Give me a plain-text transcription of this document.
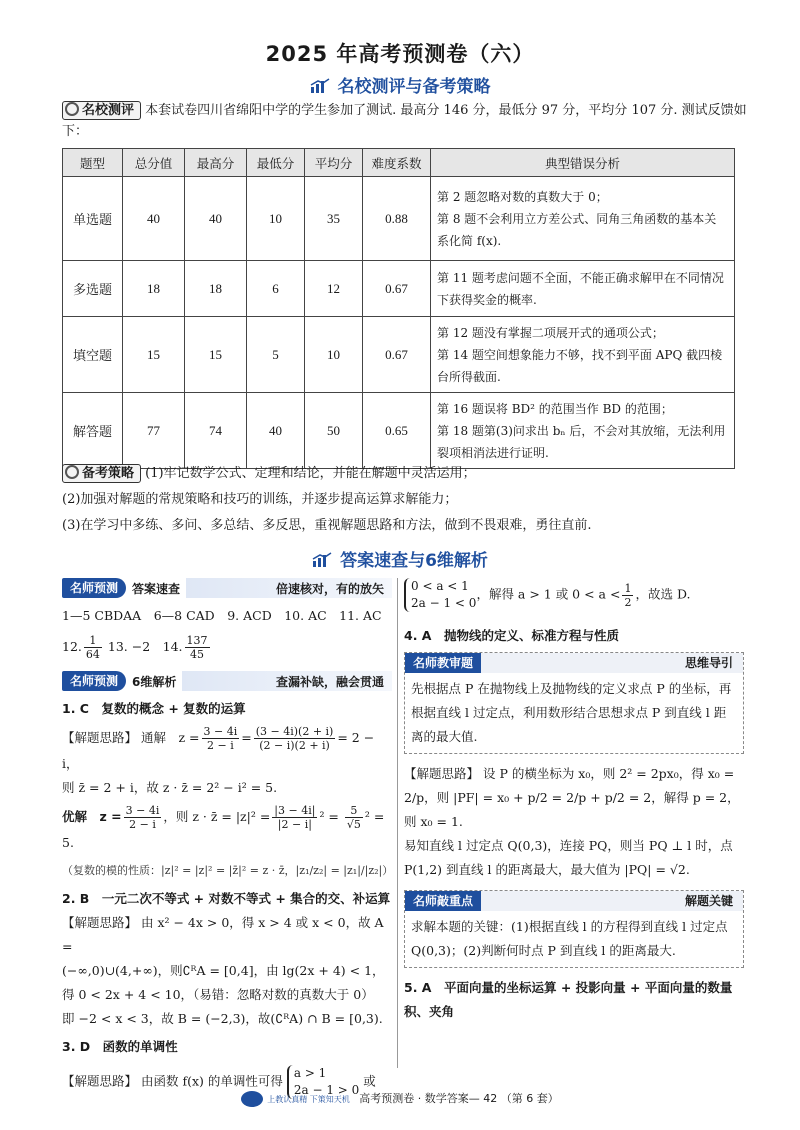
2025 年高考预测卷（六）
名校测评与备考策略
名校测评 本套试卷四川省绵阳中学的学生参加了测试. 最高分 146 分，最低分 97 分，平均分 107 分. 测试反馈如下：
题型	总分值	最高分	最低分	平均分	难度系数	典型错误分析
单选题	40	40	10	35	0.88	第 2 题忽略对数的真数大于 0；
第 8 题不会利用立方差公式、同角三角函数的基本关系化简 f(x).

多选题	18	18	6	12	0.67	第 11 题考虑问题不全面，不能正确求解甲在不同情况下获得奖金的概率.

填空题	15	15	5	10	0.67	第 12 题没有掌握二项展开式的通项公式；
第 14 题空间想象能力不够，找不到平面 APQ 截四棱台所得截面.

解答题	77	74	40	50	0.65	第 16 题误将 BD² 的范围当作 BD 的范围；
第 18 题第(3)问求出 bₙ 后，不会对其放缩，无法利用裂项相消法进行证明.
备考策略 (1)牢记数学公式、定理和结论，并能在解题中灵活运用；
(2)加强对解题的常规策略和技巧的训练，并逐步提高运算求解能力；
(3)在学习中多练、多问、多总结、多反思，重视解题思路和方法，做到不畏艰难，勇往直前.
答案速查与6维解析
名师预测	答案速查	倍速核对，有的放矢
1—5 CBDAA　6—8 CAD　9. ACD　10. AC　11. AC
12. $\frac{1}{64} 13$. −2　14. $\frac{137}{45}$
名师预测	6维解析	查漏补缺，融会贯通
1. C　复数的概念 + 复数的运算
【解题思路】 通解　$z = \frac{3 - 4i}{2 - i} = \frac{(3 - 4i)(2 + i)}{(2 - i)(2 + i)} = 2 - i$，
则 z̄ = 2 + i，故 z · z̄ = 2² − i² = 5.
优解　$z = \frac{3 - 4i}{2 - i}$ ，则 z · z̄ = $|z|^2 = \frac{|3 - 4i|}{|2 - i|} ^2 = \frac{5}{√5} ^2 = 5$.
（复数的模的性质：|z|² = |z|² = |z̄|² = z · z̄，|z₁/z₂| = |z₁|/|z₂|）
2. B　一元二次不等式 + 对数不等式 + 集合的交、补运算
【解题思路】 由 x² − 4x > 0，得 x > 4 或 x < 0，故 A =
(−∞,0)∪(4,+∞)，则∁ᴿA = [0,4]，由 lg(2x + 4) < 1，
得 0 < 2x + 4 < 10，（易错：忽略对数的真数大于 0）
即 −2 < x < 3，故 B = (−2,3)，故(∁ᴿA) ∩ B = [0,3).
3. D　函数的单调性
【解题思路】 由函数 f(x) 的单调性可得
a > 1
2a − 1 > 0
或
0 < a < 1
2a − 1 < 0
，解得 a > 1 或 $0 < a < \frac{1}{2}$ ，故选 D.
4. A　抛物线的定义、标准方程与性质
名师教审题	思维导引
先根据点 P 在抛物线上及抛物线的定义求点 P 的坐标，再根据直线 l 过定点，利用数形结合思想求点 P 到直线 l 距离的最大值.
【解题思路】 设 P 的横坐标为 x₀，则 2² = 2px₀，得 x₀ =
2/p，则 |PF| = x₀ + p/2 = 2/p + p/2 = 2，解得 p = 2，则 x₀ = 1.
易知直线 l 过定点 Q(0,3)，连接 PQ，则当 PQ ⊥ l 时，点
P(1,2) 到直线 l 的距离最大，最大值为 |PQ| = √2.
名师敲重点	解题关键
求解本题的关键：(1)根据直线 l 的方程得到直线 l 过定点 Q(0,3)；(2)判断何时点 P 到直线 l 的距离最大.
5. A　平面向量的坐标运算 + 投影向量 + 平面向量的数量积、夹角
上教认真精 下策知天机 高考预测卷 · 数学答案— 42 （第 6 套）
